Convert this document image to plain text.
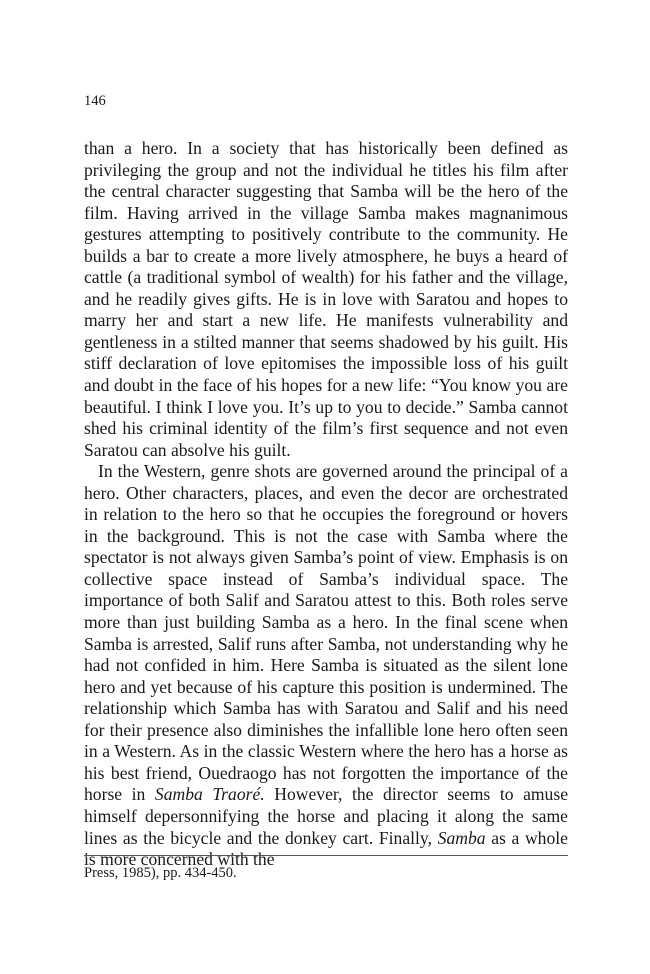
146

than a hero. In a society that has historically been defined as privileging the group and not the individual he titles his film after the central character suggesting that Samba will be the hero of the film. Having arrived in the village Samba makes magnanimous gestures attempting to positively contribute to the community. He builds a bar to create a more lively atmosphere, he buys a heard of cattle (a traditional symbol of wealth) for his father and the village, and he readily gives gifts. He is in love with Saratou and hopes to marry her and start a new life. He manifests vulnerability and gentleness in a stilted manner that seems shadowed by his guilt. His stiff declaration of love epitomises the impossible loss of his guilt and doubt in the face of his hopes for a new life: “You know you are beautiful. I think I love you. It’s up to you to decide.” Samba cannot shed his criminal identity of the film’s first sequence and not even Saratou can absolve his guilt.

In the Western, genre shots are governed around the principal of a hero. Other characters, places, and even the decor are orchestrated in relation to the hero so that he occupies the foreground or hovers in the background. This is not the case with Samba where the spectator is not always given Samba’s point of view. Emphasis is on collective space instead of Samba’s individual space. The importance of both Salif and Saratou attest to this. Both roles serve more than just building Samba as a hero. In the final scene when Samba is arrested, Salif runs after Samba, not understanding why he had not confided in him. Here Samba is situated as the silent lone hero and yet because of his capture this position is undermined. The relationship which Samba has with Saratou and Salif and his need for their presence also diminishes the infallible lone hero often seen in a Western. As in the classic Western where the hero has a horse as his best friend, Ouedraogo has not forgotten the importance of the horse in Samba Traoré. However, the director seems to amuse himself depersonnifying the horse and placing it along the same lines as the bicycle and the donkey cart. Finally, Samba as a whole is more concerned with the

Press, 1985), pp. 434-450.
